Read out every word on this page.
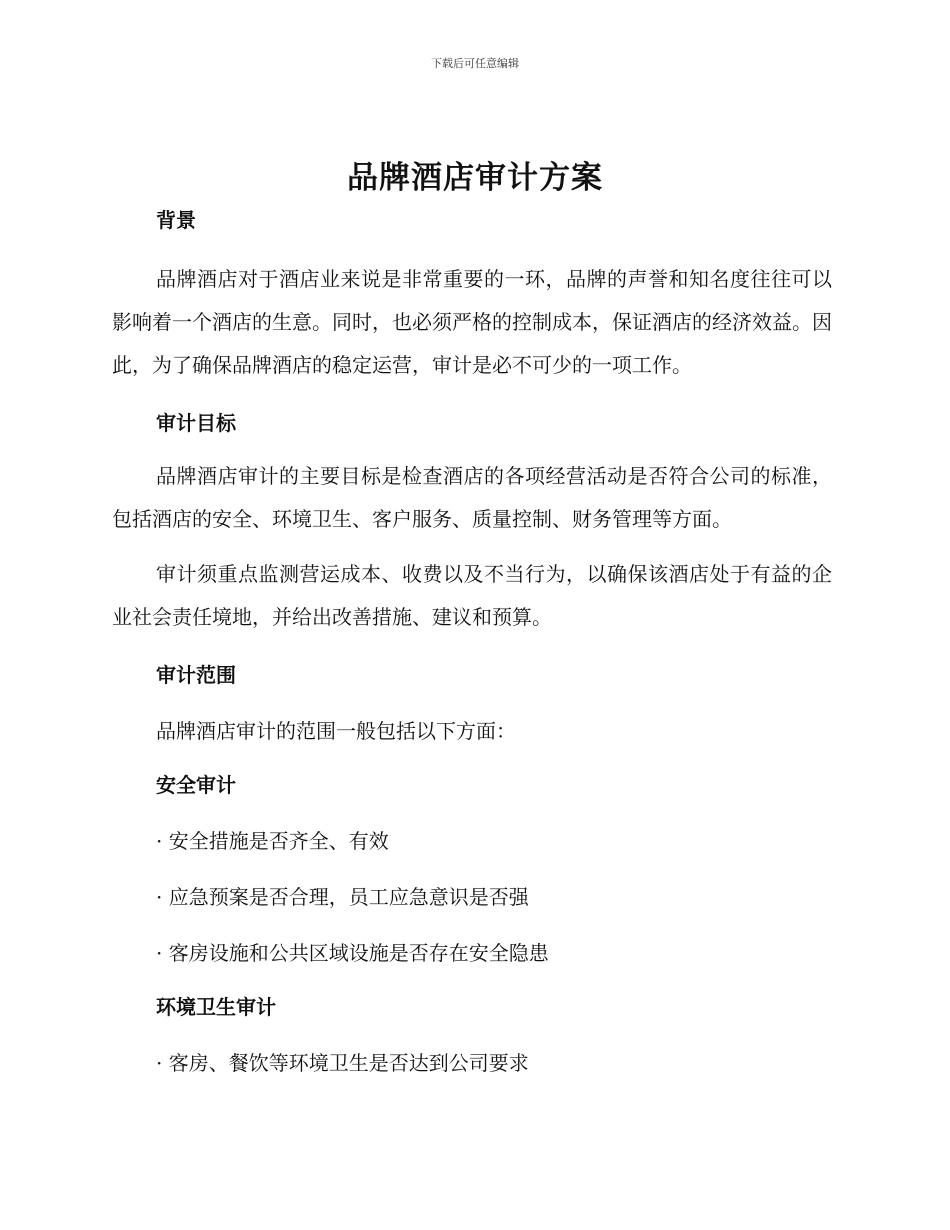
下载后可任意编辑
品牌酒店审计方案

背景

品牌酒店对于酒店业来说是非常重要的一环，品牌的声誉和知名度往往可以影响着一个酒店的生意。同时，也必须严格的控制成本，保证酒店的经济效益。因此，为了确保品牌酒店的稳定运营，审计是必不可少的一项工作。

审计目标

品牌酒店审计的主要目标是检查酒店的各项经营活动是否符合公司的标准，包括酒店的安全、环境卫生、客户服务、质量控制、财务管理等方面。

审计须重点监测营运成本、收费以及不当行为，以确保该酒店处于有益的企业社会责任境地，并给出改善措施、建议和预算。

审计范围

品牌酒店审计的范围一般包括以下方面：

安全审计

· 安全措施是否齐全、有效

· 应急预案是否合理，员工应急意识是否强

· 客房设施和公共区域设施是否存在安全隐患

环境卫生审计

· 客房、餐饮等环境卫生是否达到公司要求
